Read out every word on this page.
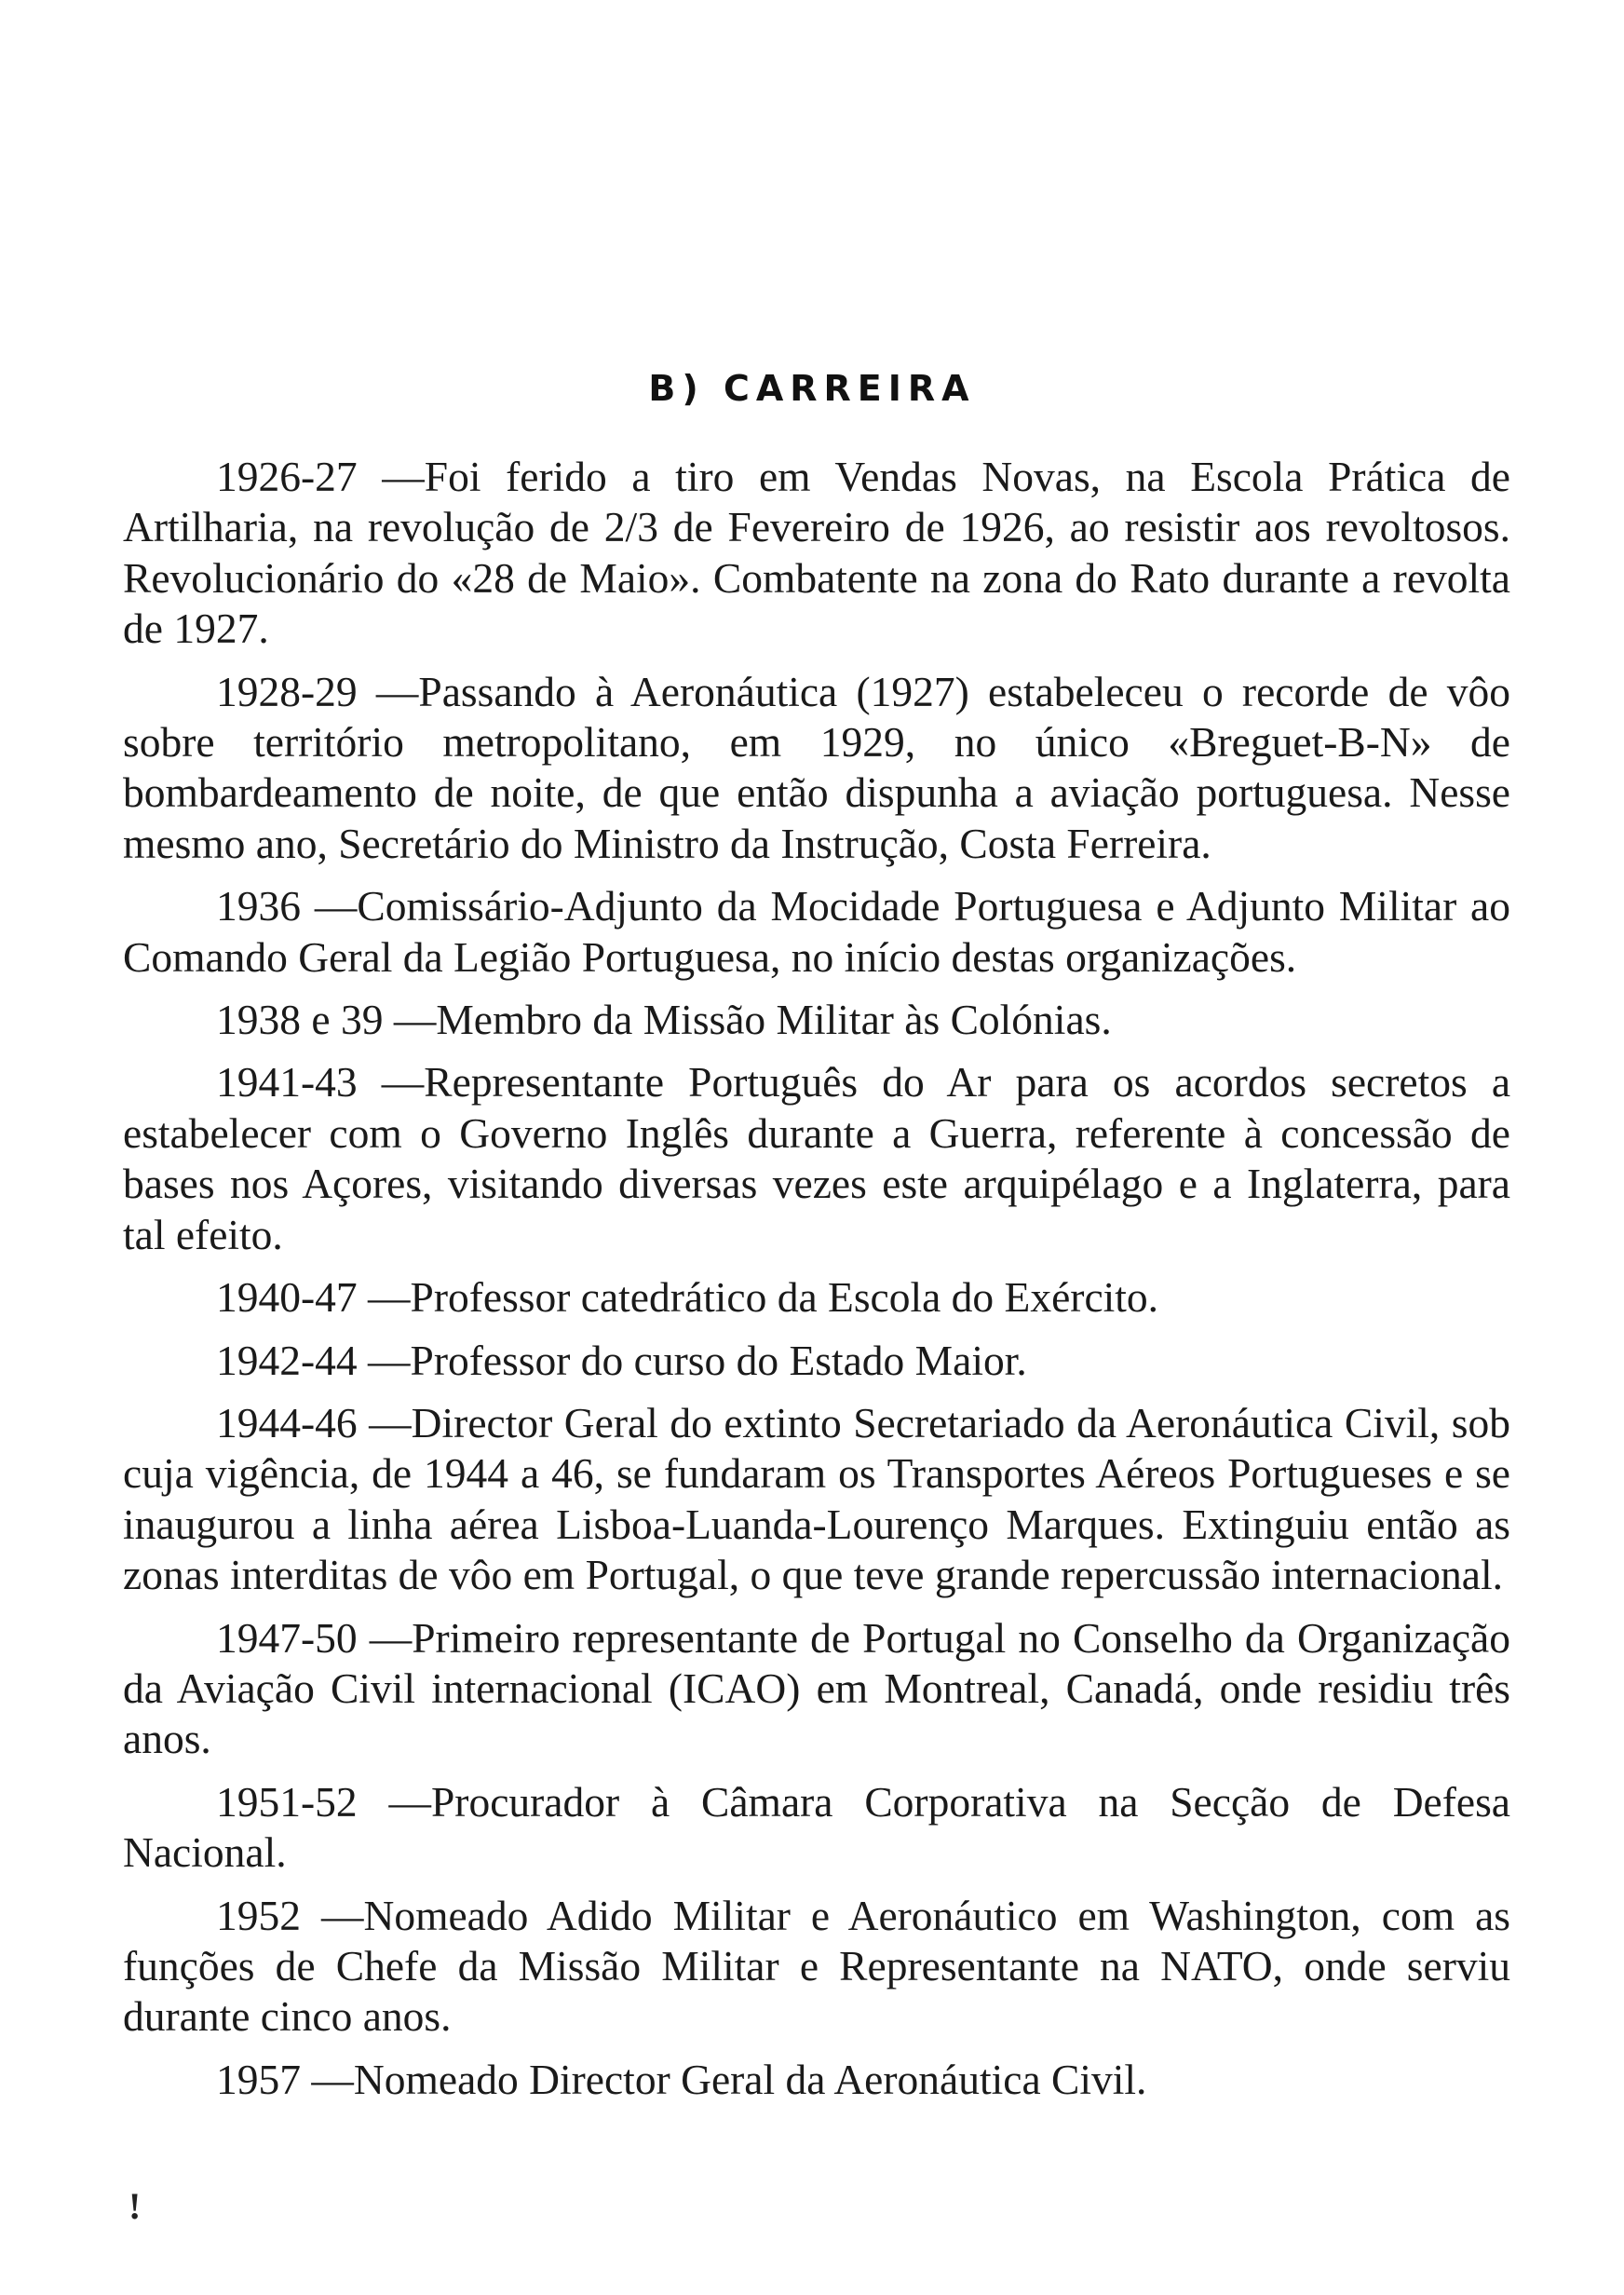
B) CARREIRA

1926-27 —Foi ferido a tiro em Vendas Novas, na Escola Prática de Artilharia, na revolução de 2/3 de Fevereiro de 1926, ao resistir aos revoltosos. Revolucionário do «28 de Maio». Combatente na zona do Rato durante a revolta de 1927.

1928-29 —Passando à Aeronáutica (1927) estabeleceu o recorde de vôo sobre território metropolitano, em 1929, no único «Breguet-B-N» de bombardeamento de noite, de que então dispunha a aviação portuguesa. Nesse mesmo ano, Secretário do Ministro da Instrução, Costa Ferreira.

1936 —Comissário-Adjunto da Mocidade Portuguesa e Adjunto Militar ao Comando Geral da Legião Portuguesa, no início destas organizações.

1938 e 39 —Membro da Missão Militar às Colónias.

1941-43 —Representante Português do Ar para os acordos secretos a estabelecer com o Governo Inglês durante a Guerra, referente à concessão de bases nos Açores, visitando diversas vezes este arquipélago e a Inglaterra, para tal efeito.

1940-47 —Professor catedrático da Escola do Exército.

1942-44 —Professor do curso do Estado Maior.

1944-46 —Director Geral do extinto Secretariado da Aeronáutica Civil, sob cuja vigência, de 1944 a 46, se fundaram os Transportes Aéreos Portugueses e se inaugurou a linha aérea Lisboa-Luanda-Lourenço Marques. Extinguiu então as zonas interditas de vôo em Portugal, o que teve grande repercussão internacional.

1947-50 —Primeiro representante de Portugal no Conselho da Organização da Aviação Civil internacional (ICAO) em Montreal, Canadá, onde residiu três anos.

1951-52 —Procurador à Câmara Corporativa na Secção de Defesa Nacional.

1952 —Nomeado Adido Militar e Aeronáutico em Washington, com as funções de Chefe da Missão Militar e Representante na NATO, onde serviu durante cinco anos.

1957 —Nomeado Director Geral da Aeronáutica Civil.

!
